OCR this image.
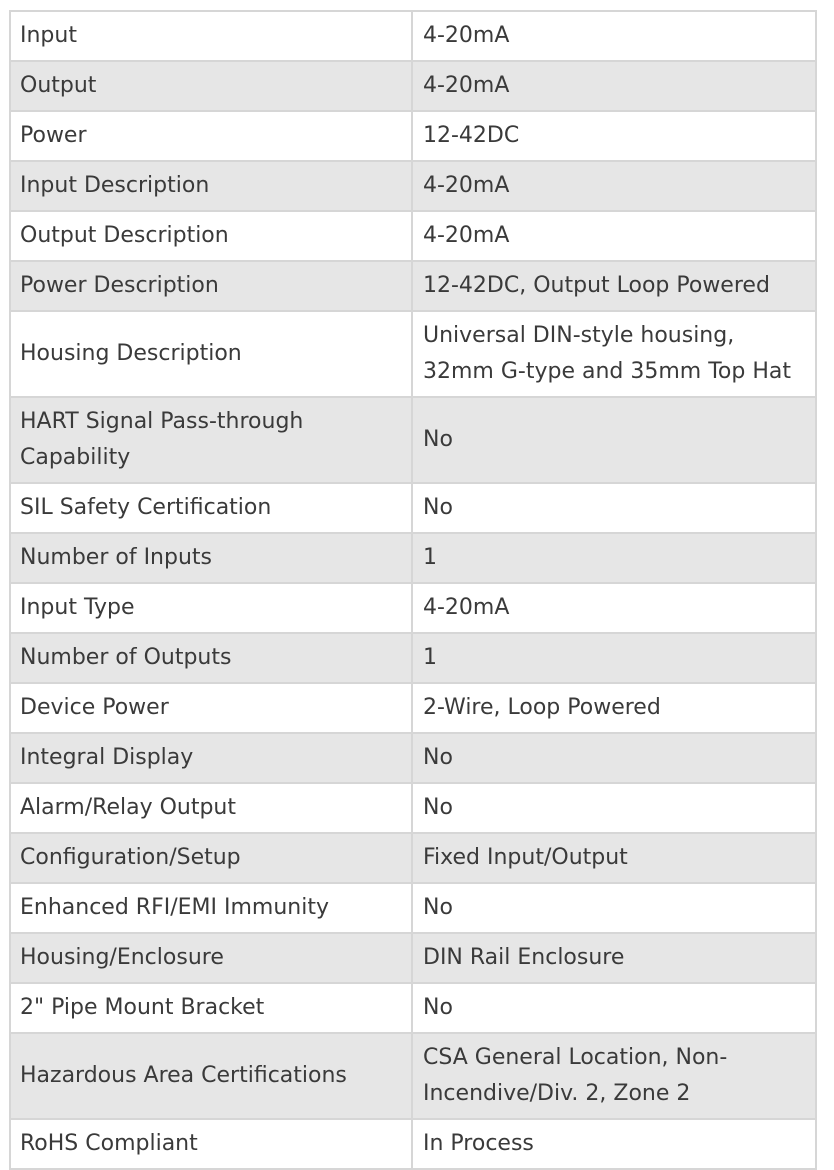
Input	4-20mA
Output	4-20mA
Power	12-42DC
Input Description	4-20mA
Output Description	4-20mA
Power Description	12-42DC, Output Loop Powered
Housing Description	Universal DIN-style housing, 32mm G-type and 35mm Top Hat
HART Signal Pass-through Capability	No
SIL Safety Certification	No
Number of Inputs	1
Input Type	4-20mA
Number of Outputs	1
Device Power	2-Wire, Loop Powered
Integral Display	No
Alarm/Relay Output	No
Configuration/Setup	Fixed Input/Output
Enhanced RFI/EMI Immunity	No
Housing/Enclosure	DIN Rail Enclosure
2" Pipe Mount Bracket	No
Hazardous Area Certifications	CSA General Location, Non-Incendive/Div. 2, Zone 2
RoHS Compliant	In Process
